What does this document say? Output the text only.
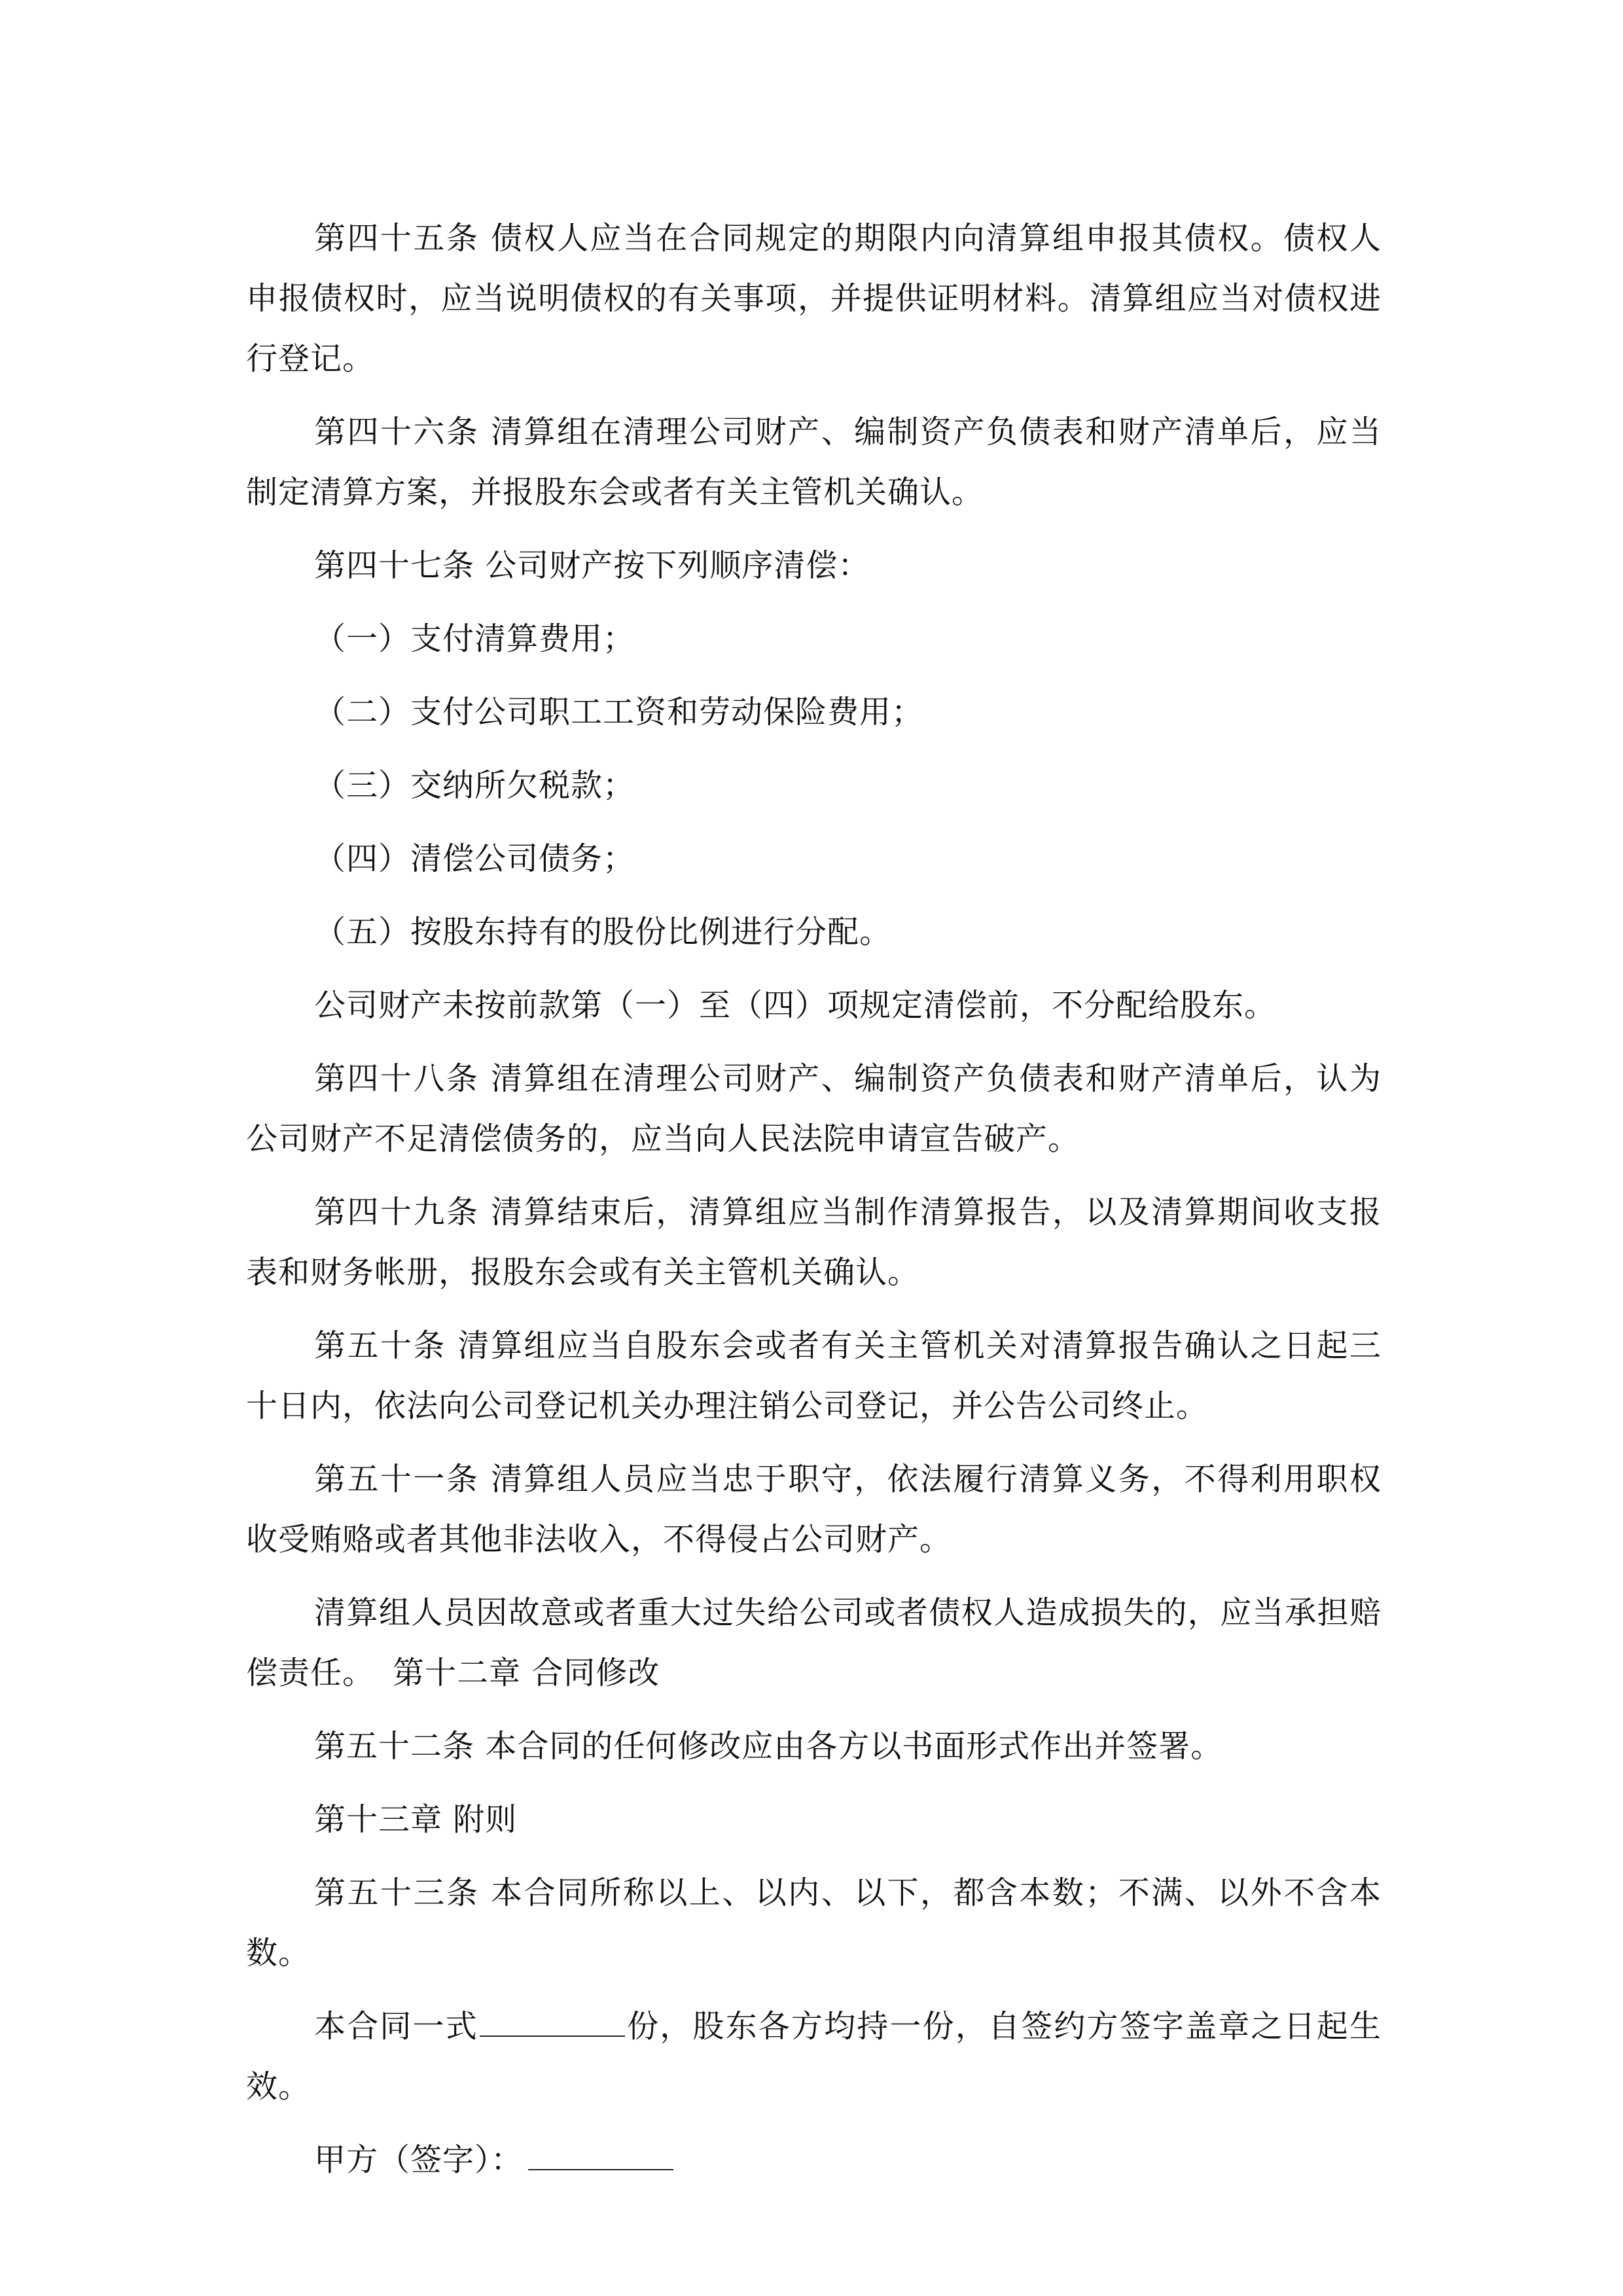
第四十五条 债权人应当在合同规定的期限内向清算组申报其债权。债权人申报债权时，应当说明债权的有关事项，并提供证明材料。清算组应当对债权进行登记。

第四十六条 清算组在清理公司财产、编制资产负债表和财产清单后，应当制定清算方案，并报股东会或者有关主管机关确认。

第四十七条 公司财产按下列顺序清偿：

（一）支付清算费用；

（二）支付公司职工工资和劳动保险费用；

（三）交纳所欠税款；

（四）清偿公司债务；

（五）按股东持有的股份比例进行分配。

公司财产未按前款第（一）至（四）项规定清偿前，不分配给股东。

第四十八条 清算组在清理公司财产、编制资产负债表和财产清单后，认为公司财产不足清偿债务的，应当向人民法院申请宣告破产。

第四十九条 清算结束后，清算组应当制作清算报告，以及清算期间收支报表和财务帐册，报股东会或有关主管机关确认。

第五十条 清算组应当自股东会或者有关主管机关对清算报告确认之日起三十日内，依法向公司登记机关办理注销公司登记，并公告公司终止。

第五十一条 清算组人员应当忠于职守，依法履行清算义务，不得利用职权收受贿赂或者其他非法收入，不得侵占公司财产。

清算组人员因故意或者重大过失给公司或者债权人造成损失的，应当承担赔偿责任。 第十二章 合同修改

第五十二条 本合同的任何修改应由各方以书面形式作出并签署。

第十三章 附则

第五十三条 本合同所称以上、以内、以下，都含本数；不满、以外不含本数。

本合同一式	份，股东各方均持一份，自签约方签字盖章之日起生效。

甲方（签字）：
